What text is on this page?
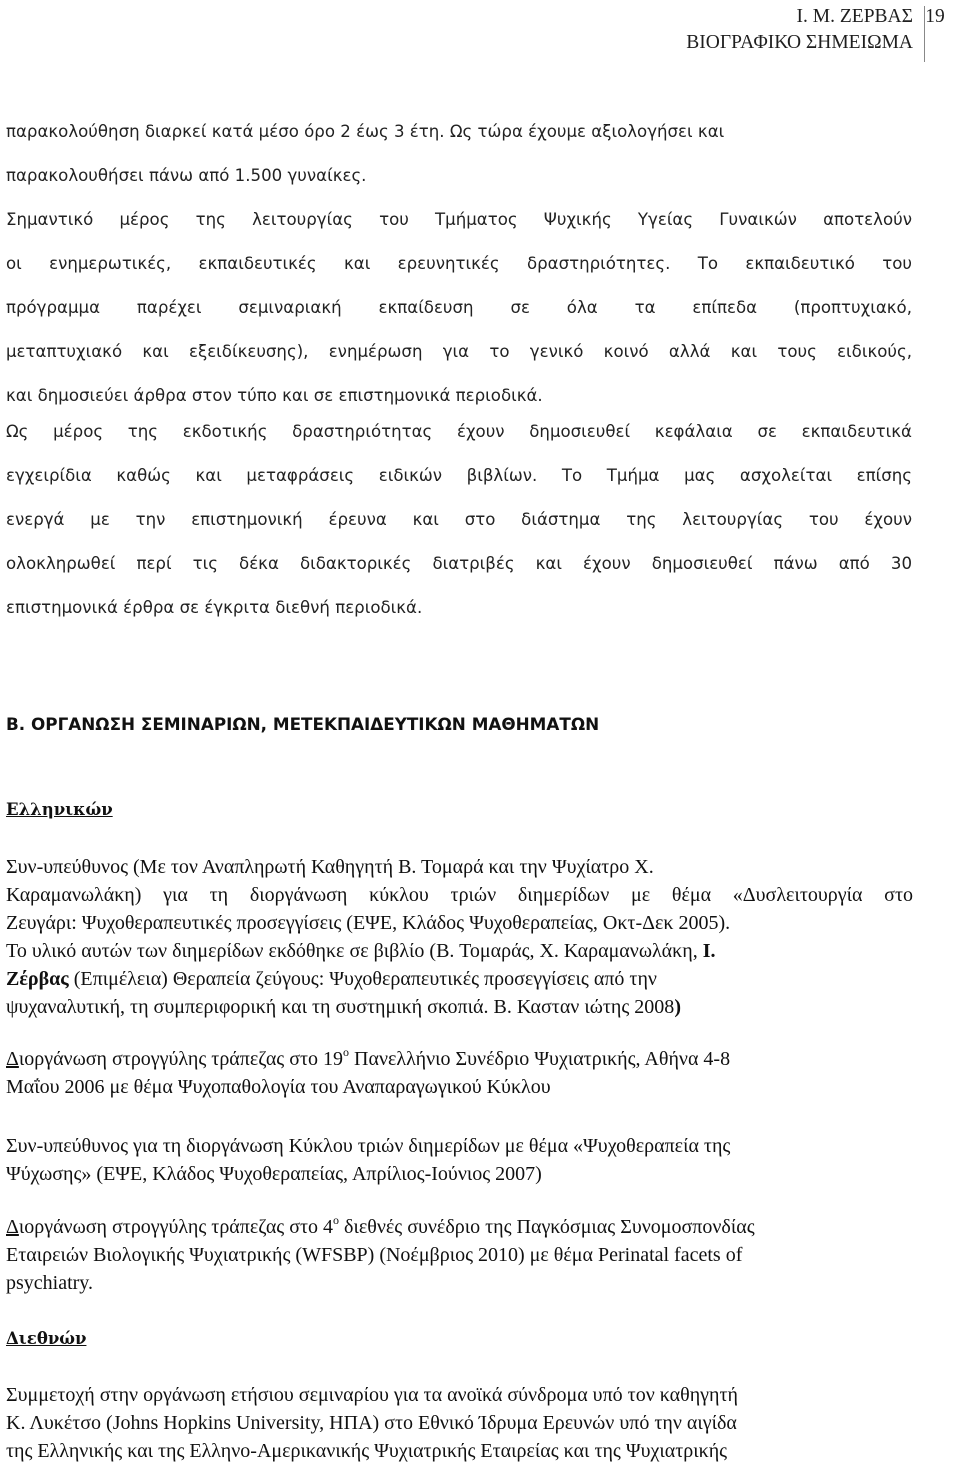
Ι. Μ. ΖΕΡΒΑΣ
ΒΙΟΓΡΑΦΙΚΟ ΣΗΜΕΙΩΜΑ
19
παρακολούθηση διαρκεί κατά μέσο όρο 2 έως 3 έτη. Ως τώρα έχουμε αξιολογήσει και
παρακολουθήσει πάνω από 1.500 γυναίκες.
Σημαντικό μέρος της λειτουργίας του Τμήματος Ψυχικής Υγείας Γυναικών αποτελούν
οι ενημερωτικές, εκπαιδευτικές και ερευνητικές δραστηριότητες. Το εκπαιδευτικό του
πρόγραμμα παρέχει σεμιναριακή εκπαίδευση σε όλα τα επίπεδα (προπτυχιακό,
μεταπτυχιακό και εξειδίκευσης), ενημέρωση για το γενικό κοινό αλλά και τους ειδικούς,
και δημοσιεύει άρθρα στον τύπο και σε επιστημονικά περιοδικά.
Ως μέρος της εκδοτικής δραστηριότητας έχουν δημοσιευθεί κεφάλαια σε εκπαιδευτικά
εγχειρίδια καθώς και μεταφράσεις ειδικών βιβλίων. Το Τμήμα μας ασχολείται επίσης
ενεργά με την επιστημονική έρευνα και στο διάστημα της λειτουργίας του έχουν
ολοκληρωθεί περί τις δέκα διδακτορικές διατριβές και έχουν δημοσιευθεί πάνω από 30
επιστημονικά έρθρα σε έγκριτα διεθνή περιοδικά.
Β. ΟΡΓΑΝΩΣΗ ΣΕΜΙΝΑΡΙΩΝ, ΜΕΤΕΚΠΑΙΔΕΥΤΙΚΩΝ ΜΑΘΗΜΑΤΩΝ
Ελληνικών
Συν-υπεύθυνος (Με τον Αναπληρωτή Καθηγητή Β. Τομαρά και την Ψυχίατρο Χ.
Καραμανωλάκη) για τη διοργάνωση κύκλου τριών διημερίδων με θέμα «Δυσλειτουργία στο
Ζευγάρι: Ψυχοθεραπευτικές προσεγγίσεις (ΕΨΕ, Κλάδος Ψυχοθεραπείας, Οκτ-Δεκ 2005).
Το υλικό αυτών των διημερίδων εκδόθηκε σε βιβλίο (Β. Τομαράς, Χ. Καραμανωλάκη, Ι.
Ζέρβας (Επιμέλεια) Θεραπεία ζεύγους: Ψυχοθεραπευτικές προσεγγίσεις από την
ψυχαναλυτική, τη συμπεριφορική και τη συστημική σκοπιά. Β. Κασταν ιώτης 2008)
Διοργάνωση στρογγύλης τράπεζας στο $19^o$ Πανελλήνιο Συνέδριο Ψυχιατρικής, Αθήνα 4-8
Μαΐου 2006 με θέμα Ψυχοπαθολογία του Αναπαραγωγικού Κύκλου
Συν-υπεύθυνος για τη διοργάνωση Κύκλου τριών διημερίδων με θέμα «Ψυχοθεραπεία της
Ψύχωσης» (ΕΨΕ, Κλάδος Ψυχοθεραπείας, Απρίλιος-Ιούνιος 2007)
Διοργάνωση στρογγύλης τράπεζας στο $4^o$ διεθνές συνέδριο της Παγκόσμιας Συνομοσπονδίας
Εταιρειών Βιολογικής Ψυχιατρικής (WFSBP) (Νοέμβριος 2010) με θέμα Perinatal facets of
psychiatry.
Διεθνών
Συμμετοχή στην οργάνωση ετήσιου σεμιναρίου για τα ανοϊκά σύνδρομα υπό τον καθηγητή
Κ. Λυκέτσο (Johns Hopkins University, ΗΠΑ) στο Εθνικό Ίδρυμα Ερευνών υπό την αιγίδα
της Ελληνικής και της Ελληνο-Αμερικανικής Ψυχιατρικής Εταιρείας και της Ψυχιατρικής
